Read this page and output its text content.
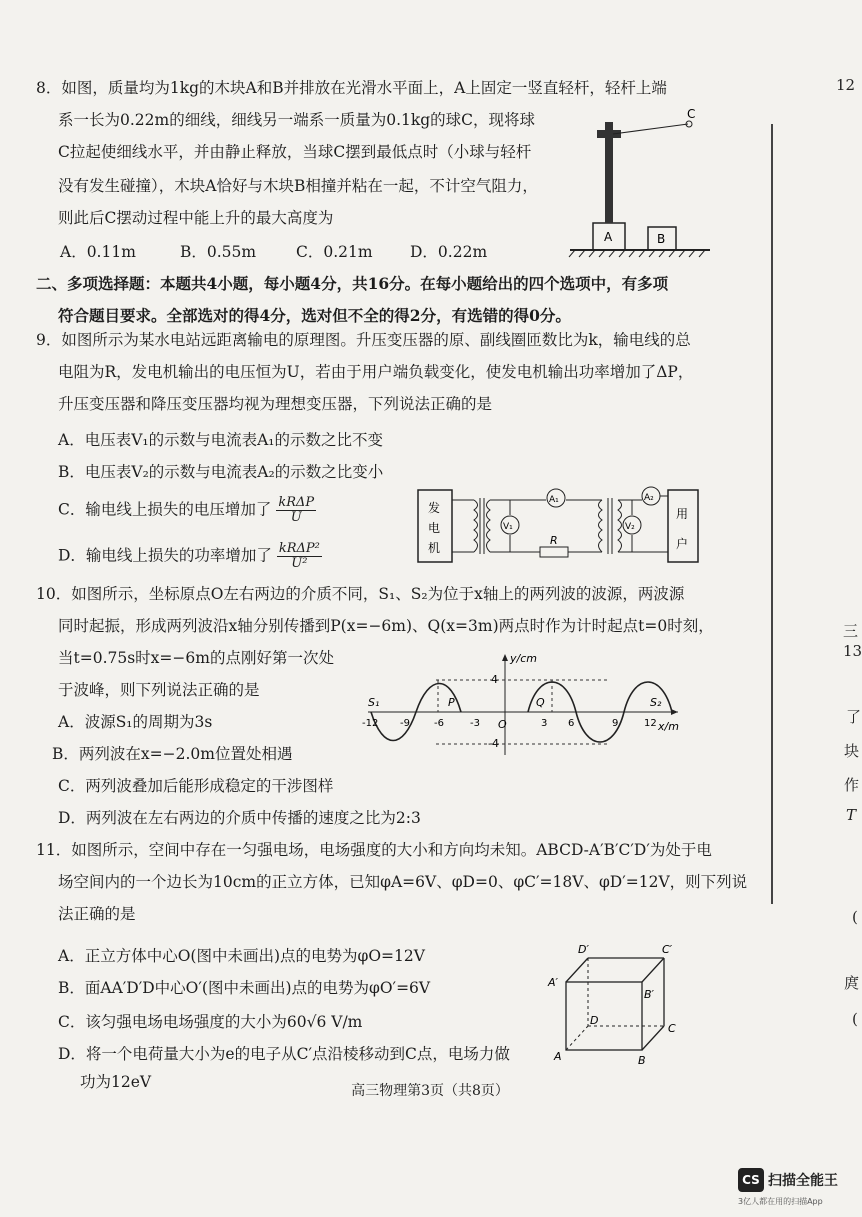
12
三
13
了
块
作
T
(
庹
(
8．如图，质量均为1kg的木块A和B并排放在光滑水平面上，A上固定一竖直轻杆，轻杆上端
系一长为0.22m的细线，细线另一端系一质量为0.1kg的球C，现将球
C拉起使细线水平，并由静止释放，当球C摆到最低点时（小球与轻杆
没有发生碰撞），木块A恰好与木块B相撞并粘在一起，不计空气阻力，
则此后C摆动过程中能上升的最大高度为
A．0.11m	B．0.55m	C．0.21m D．0.22m
A	B
C
二、多项选择题：本题共4小题，每小题4分，共16分。在每小题给出的四个选项中，有多项
符合题目要求。全部选对的得4分，选对但不全的得2分，有选错的得0分。
9．如图所示为某水电站远距离输电的原理图。升压变压器的原、副线圈匝数比为k，输电线的总
电阻为R，发电机输出的电压恒为U，若由于用户端负载变化，使发电机输出功率增加了ΔP，
升压变压器和降压变压器均视为理想变压器，下列说法正确的是
A．电压表V₁的示数与电流表A₁的示数之比不变
B．电压表V₂的示数与电流表A₂的示数之比变小
C．输电线上损失的电压增加了 $\frac{\text{kRΔP}}{U}$
D．输电线上损失的功率增加了 $\frac{\text{kRΔP²}}{\text{U²}}$
发
电
机
A₁
R
V₁
A₂
V₂
用
户
10．如图所示，坐标原点O左右两边的介质不同，S₁、S₂为位于x轴上的两列波的波源，两波源
同时起振，形成两列波沿x轴分别传播到P(x=−6m)、Q(x=3m)两点时作为计时起点t=0时刻，
当t=0.75s时x=−6m的点刚好第一次处
于波峰，则下列说法正确的是
A．波源S₁的周期为3s
B．两列波在x=−2.0m位置处相遇
C．两列波叠加后能形成稳定的干涉图样
D．两列波在左右两边的介质中传播的速度之比为2:3
y/cm
x/m
4
-4
O
S₁	S₂
P	Q
-12 -9 -6	-3	3 6	9	12
11．如图所示，空间中存在一匀强电场，电场强度的大小和方向均未知。ABCD-A′B′C′D′为处于电
场空间内的一个边长为10cm的正立方体，已知φA=6V、φD=0、φC′=18V、φD′=12V，则下列说
法正确的是
A．正立方体中心O(图中未画出)点的电势为φO=12V
B．面AA′D′D中心O′(图中未画出)点的电势为φO′=6V
C．该匀强电场电场强度的大小为60√6 V/m
D．将一个电荷量大小为e的电子从C′点沿棱移动到C点，电场力做
功为12eV
A	B
C
D
A′
B′
C′
D′
高三物理第3页（共8页）
CS 扫描全能王
3亿人都在用的扫描App
